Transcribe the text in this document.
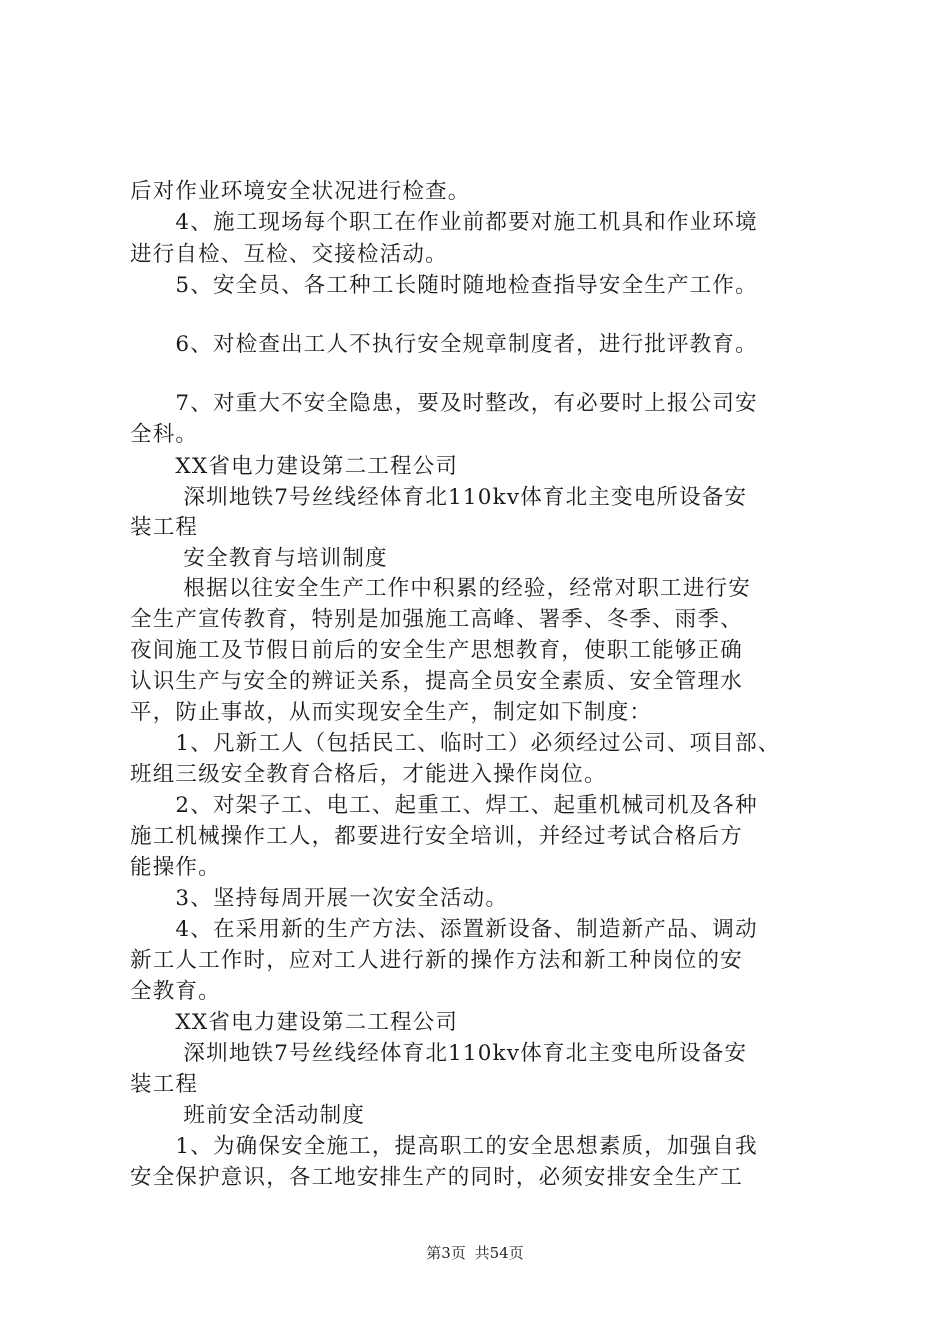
后对作业环境安全状况进行检查。
　　4、施工现场每个职工在作业前都要对施工机具和作业环境
进行自检、互检、交接检活动。
　　5、安全员、各工种工长随时随地检查指导安全生产工作。
　　6、对检查出工人不执行安全规章制度者，进行批评教育。
　　7、对重大不安全隐患，要及时整改，有必要时上报公司安
全科。
　　XX省电力建设第二工程公司
　　 深圳地铁7号丝线经体育北110kv体育北主变电所设备安
装工程
　　 安全教育与培训制度
　　 根据以往安全生产工作中积累的经验，经常对职工进行安
全生产宣传教育，特别是加强施工高峰、署季、冬季、雨季、
夜间施工及节假日前后的安全生产思想教育，使职工能够正确
认识生产与安全的辨证关系，提高全员安全素质、安全管理水
平，防止事故，从而实现安全生产，制定如下制度：
　　1、凡新工人（包括民工、临时工）必须经过公司、项目部、
班组三级安全教育合格后，才能进入操作岗位。
　　2、对架子工、电工、起重工、焊工、起重机械司机及各种
施工机械操作工人，都要进行安全培训，并经过考试合格后方
能操作。
　　3、坚持每周开展一次安全活动。
　　4、在采用新的生产方法、添置新设备、制造新产品、调动
新工人工作时，应对工人进行新的操作方法和新工种岗位的安
全教育。
　　XX省电力建设第二工程公司
　　 深圳地铁7号丝线经体育北110kv体育北主变电所设备安
装工程
　　 班前安全活动制度
　　1、为确保安全施工，提高职工的安全思想素质，加强自我
安全保护意识，各工地安排生产的同时，必须安排安全生产工
第3页 共54页
